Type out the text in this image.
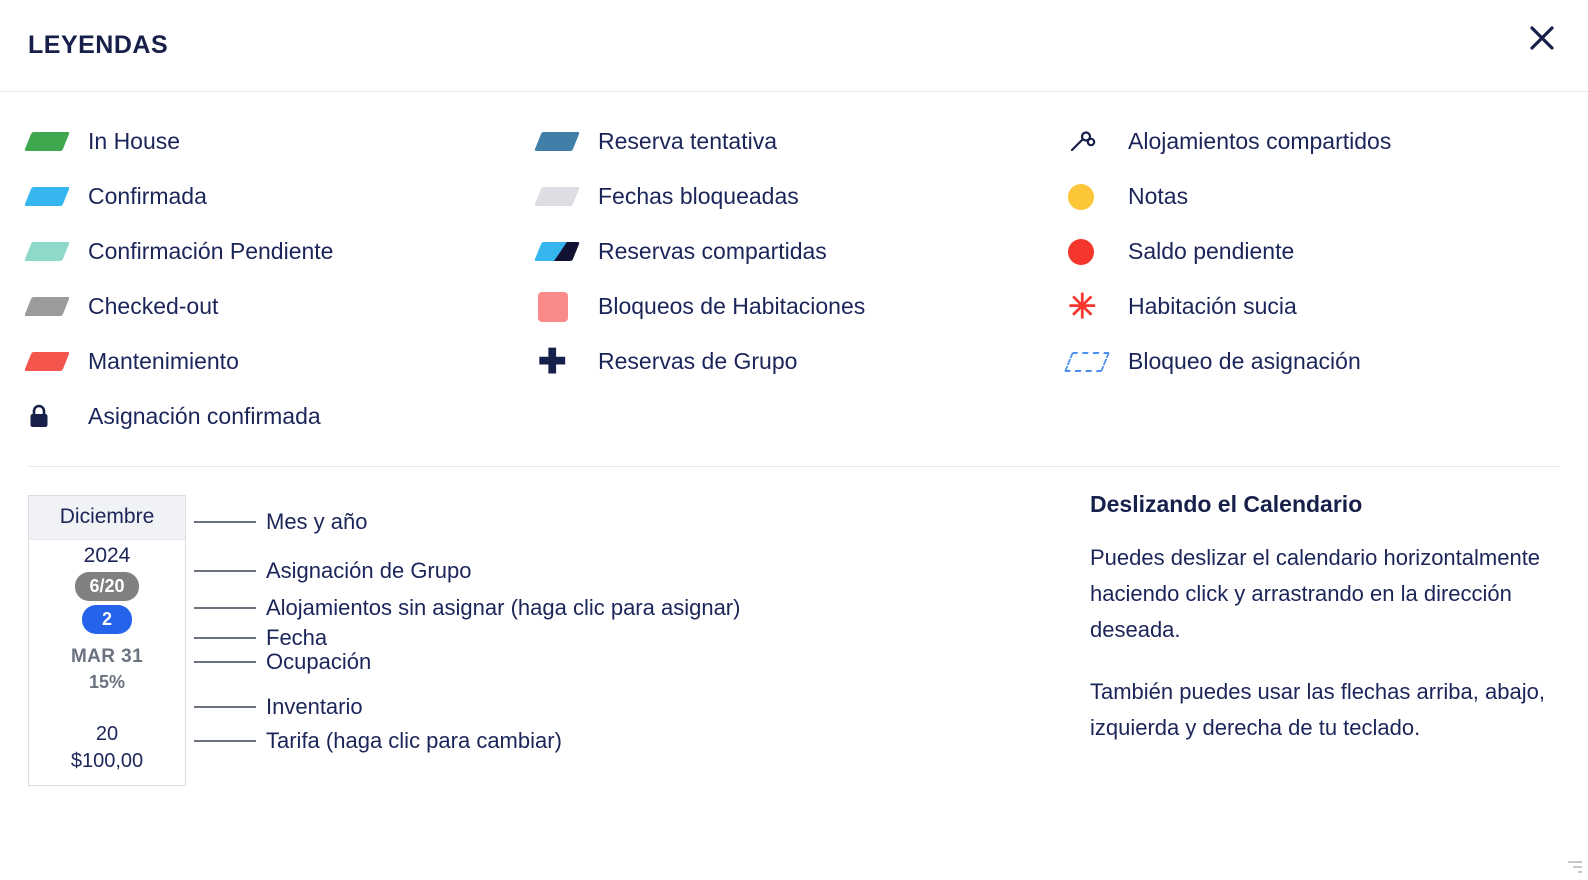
LEYENDAS
In House
Confirmada
Confirmación Pendiente
Checked-out
Mantenimiento
Asignación confirmada
Reserva tentativa
Fechas bloqueadas
Reservas compartidas
Bloqueos de Habitaciones
✚ Reservas de Grupo
Alojamientos compartidos
Notas
Saldo pendiente
✳ Habitación sucia
Bloqueo de asignación
Diciembre
2024
6/20
2
MAR 31
15%
20
$100,00
Mes y año
Asignación de Grupo
Alojamientos sin asignar (haga clic para asignar)
Fecha
Ocupación
Inventario
Tarifa (haga clic para cambiar)
Deslizando el Calendario

Puedes deslizar el calendario horizontalmente haciendo click y arrastrando en la dirección deseada.

También puedes usar las flechas arriba, abajo, izquierda y derecha de tu teclado.
